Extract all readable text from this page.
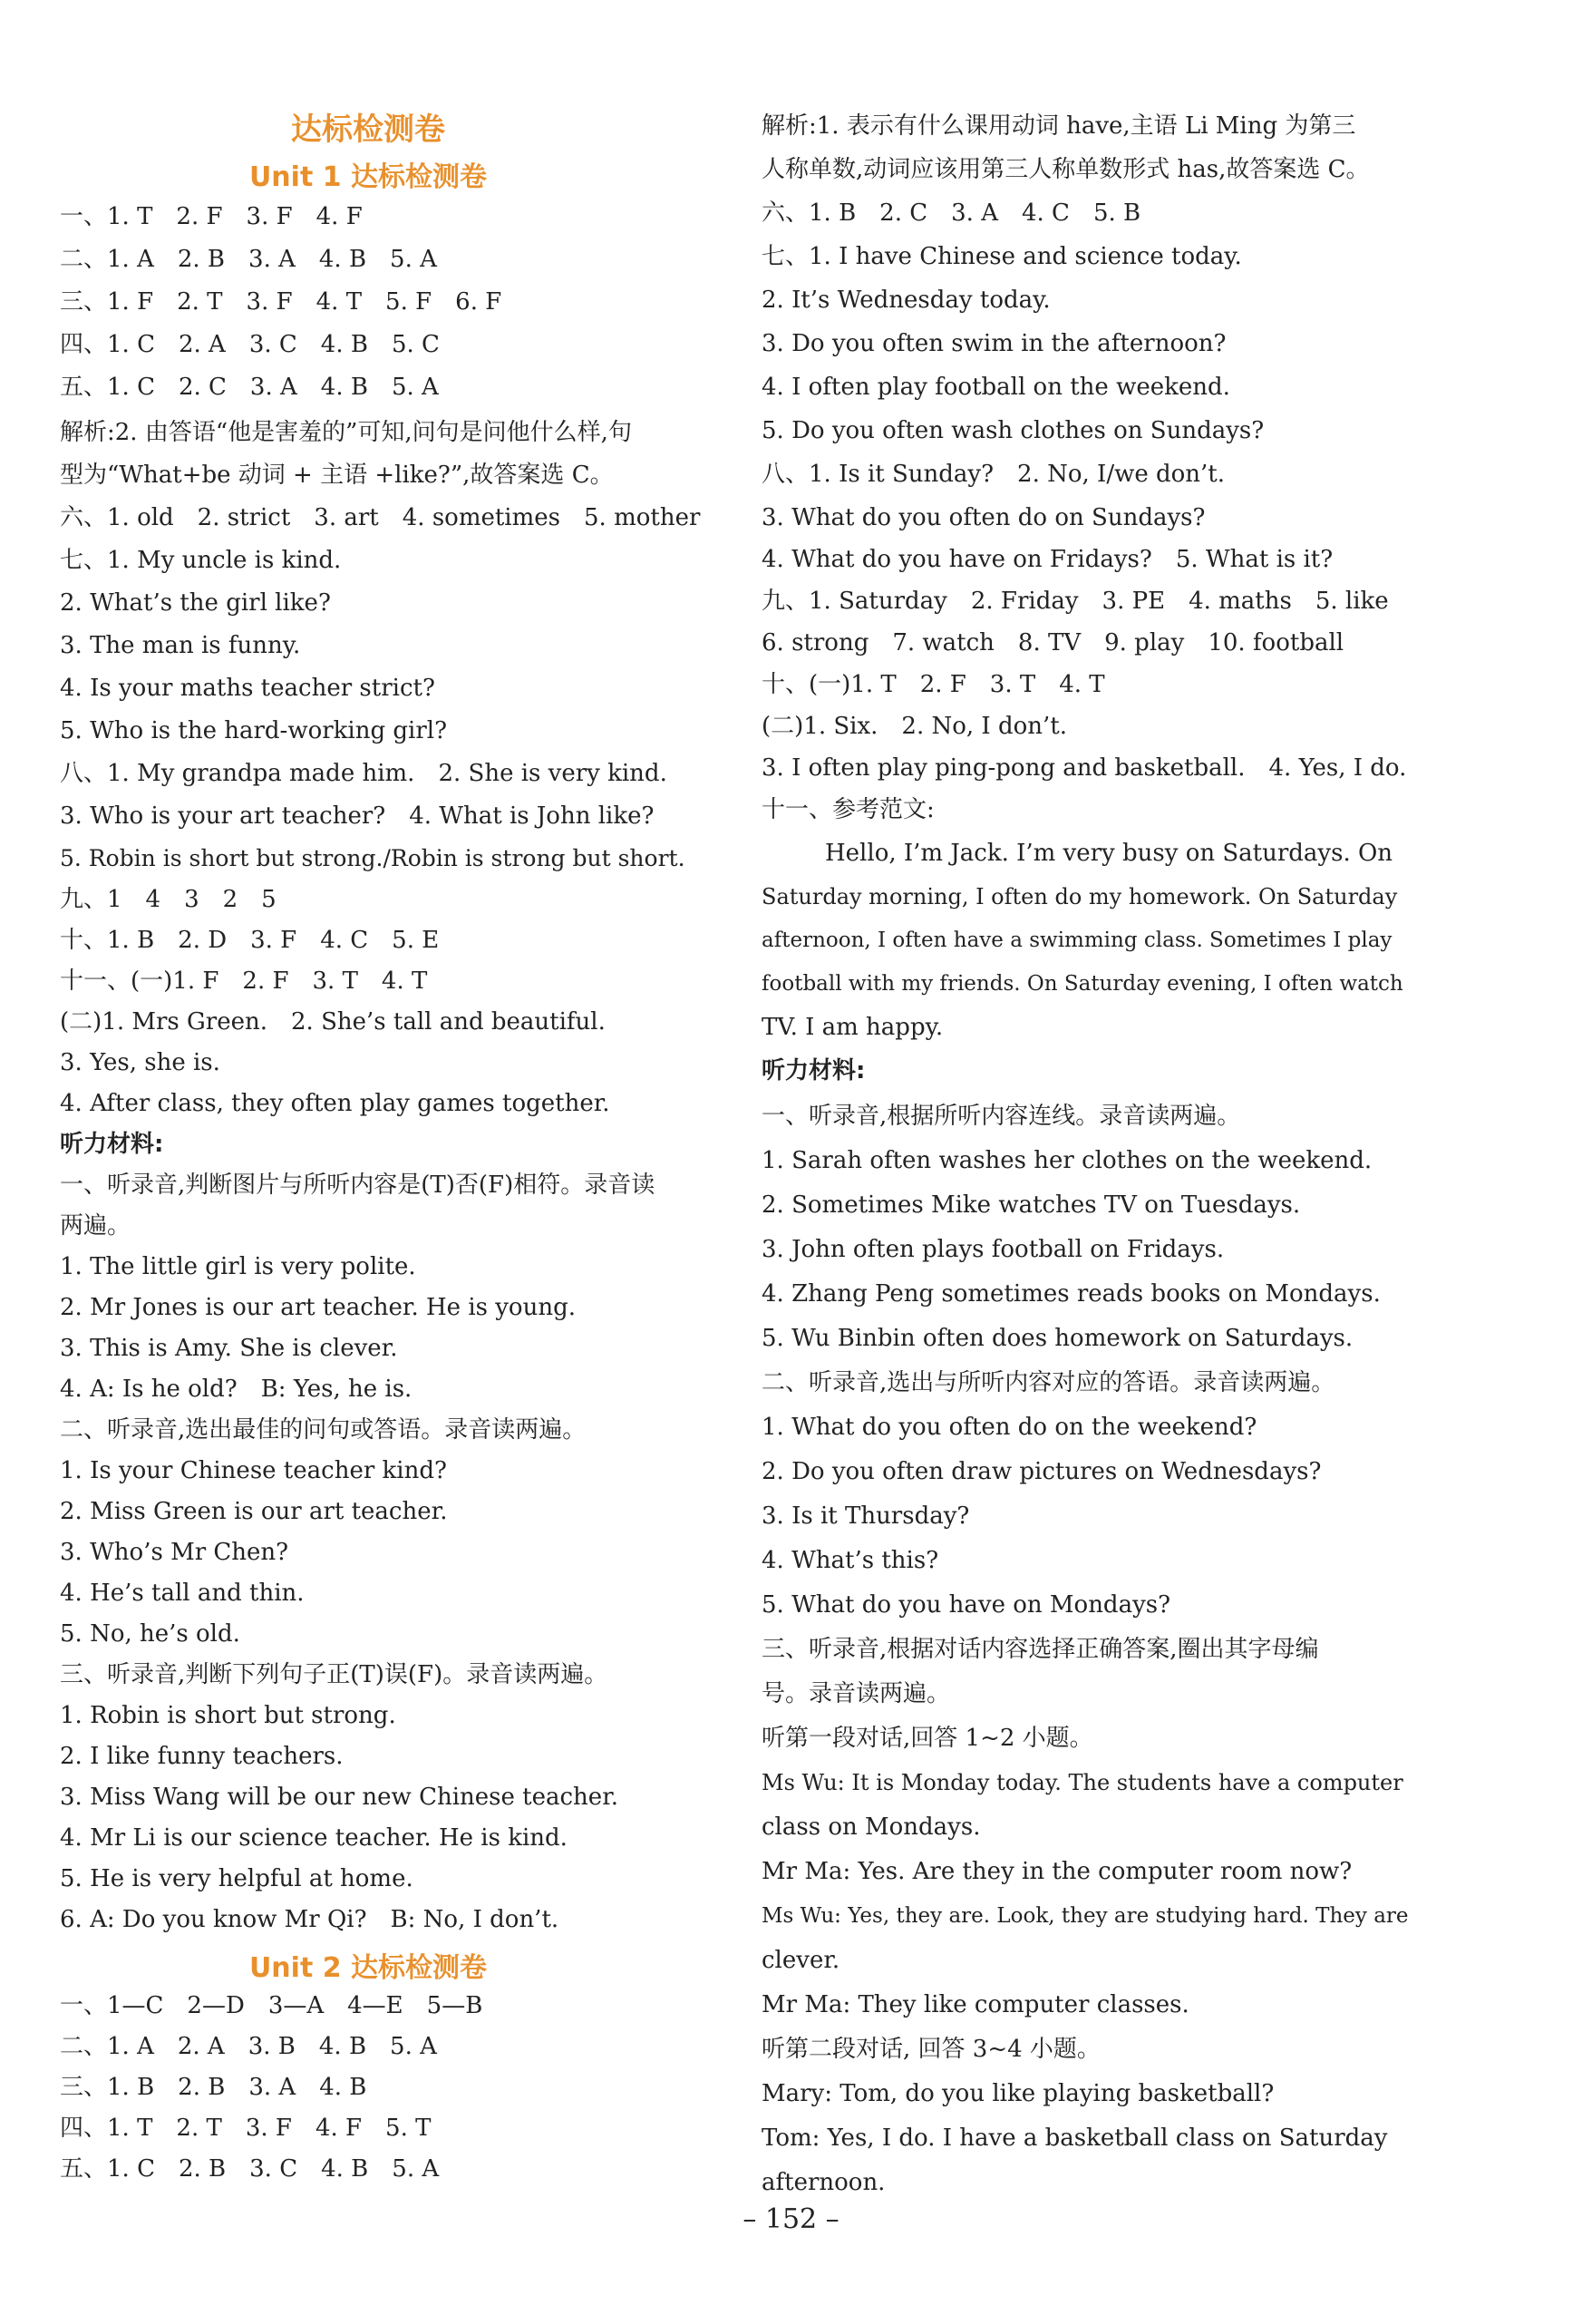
达标检测卷
Unit 1 达标检测卷
一、1. T　2. F　3. F　4. F
二、1. A　2. B　3. A　4. B　5. A
三、1. F　2. T　3. F　4. T　5. F　6. F
四、1. C　2. A　3. C　4. B　5. C
五、1. C　2. C　3. A　4. B　5. A
解析:2. 由答语“他是害羞的”可知,问句是问他什么样,句
型为“What+be 动词 + 主语 +like?”,故答案选 C。
六、1. old　2. strict　3. art　4. sometimes　5. mother
七、1. My uncle is kind.
2. What’s the girl like?
3. The man is funny.
4. Is your maths teacher strict?
5. Who is the hard-working girl?
八、1. My grandpa made him.　2. She is very kind.
3. Who is your art teacher?　4. What is John like?
5. Robin is short but strong./Robin is strong but short.
九、1　4　3　2　5
十、1. B　2. D　3. F　4. C　5. E
十一、(一)1. F　2. F　3. T　4. T
(二)1. Mrs Green.　2. She’s tall and beautiful.
3. Yes, she is.
4. After class, they often play games together.
听力材料:
一、听录音,判断图片与所听内容是(T)否(F)相符。录音读
两遍。
1. The little girl is very polite.
2. Mr Jones is our art teacher. He is young.
3. This is Amy. She is clever.
4. A: Is he old?　B: Yes, he is.
二、听录音,选出最佳的问句或答语。录音读两遍。
1. Is your Chinese teacher kind?
2. Miss Green is our art teacher.
3. Who’s Mr Chen?
4. He’s tall and thin.
5. No, he’s old.
三、听录音,判断下列句子正(T)误(F)。录音读两遍。
1. Robin is short but strong.
2. I like funny teachers.
3. Miss Wang will be our new Chinese teacher.
4. Mr Li is our science teacher. He is kind.
5. He is very helpful at home.
6. A: Do you know Mr Qi?　B: No, I don’t.
Unit 2 达标检测卷
一、1—C　2—D　3—A　4—E　5—B
二、1. A　2. A　3. B　4. B　5. A
三、1. B　2. B　3. A　4. B
四、1. T　2. T　3. F　4. F　5. T
五、1. C　2. B　3. C　4. B　5. A
解析:1. 表示有什么课用动词 have,主语 Li Ming 为第三
人称单数,动词应该用第三人称单数形式 has,故答案选 C。
六、1. B　2. C　3. A　4. C　5. B
七、1. I have Chinese and science today.
2. It’s Wednesday today.
3. Do you often swim in the afternoon?
4. I often play football on the weekend.
5. Do you often wash clothes on Sundays?
八、1. Is it Sunday?　2. No, I/we don’t.
3. What do you often do on Sundays?
4. What do you have on Fridays?　5. What is it?
九、1. Saturday　2. Friday　3. PE　4. maths　5. like
6. strong　7. watch　8. TV　9. play　10. football
十、(一)1. T　2. F　3. T　4. T
(二)1. Six.　2. No, I don’t.
3. I often play ping-pong and basketball.　4. Yes, I do.
十一、参考范文:
Hello, I’m Jack. I’m very busy on Saturdays. On
Saturday morning, I often do my homework. On Saturday
afternoon, I often have a swimming class. Sometimes I play
football with my friends. On Saturday evening, I often watch
TV. I am happy.
听力材料:
一、听录音,根据所听内容连线。录音读两遍。
1. Sarah often washes her clothes on the weekend.
2. Sometimes Mike watches TV on Tuesdays.
3. John often plays football on Fridays.
4. Zhang Peng sometimes reads books on Mondays.
5. Wu Binbin often does homework on Saturdays.
二、听录音,选出与所听内容对应的答语。录音读两遍。
1. What do you often do on the weekend?
2. Do you often draw pictures on Wednesdays?
3. Is it Thursday?
4. What’s this?
5. What do you have on Mondays?
三、听录音,根据对话内容选择正确答案,圈出其字母编
号。录音读两遍。
听第一段对话,回答 1~2 小题。
Ms Wu: It is Monday today. The students have a computer
class on Mondays.
Mr Ma: Yes. Are they in the computer room now?
Ms Wu: Yes, they are. Look, they are studying hard. They are
clever.
Mr Ma: They like computer classes.
听第二段对话, 回答 3~4 小题。
Mary: Tom, do you like playing basketball?
Tom: Yes, I do. I have a basketball class on Saturday
afternoon.
– 152 –
